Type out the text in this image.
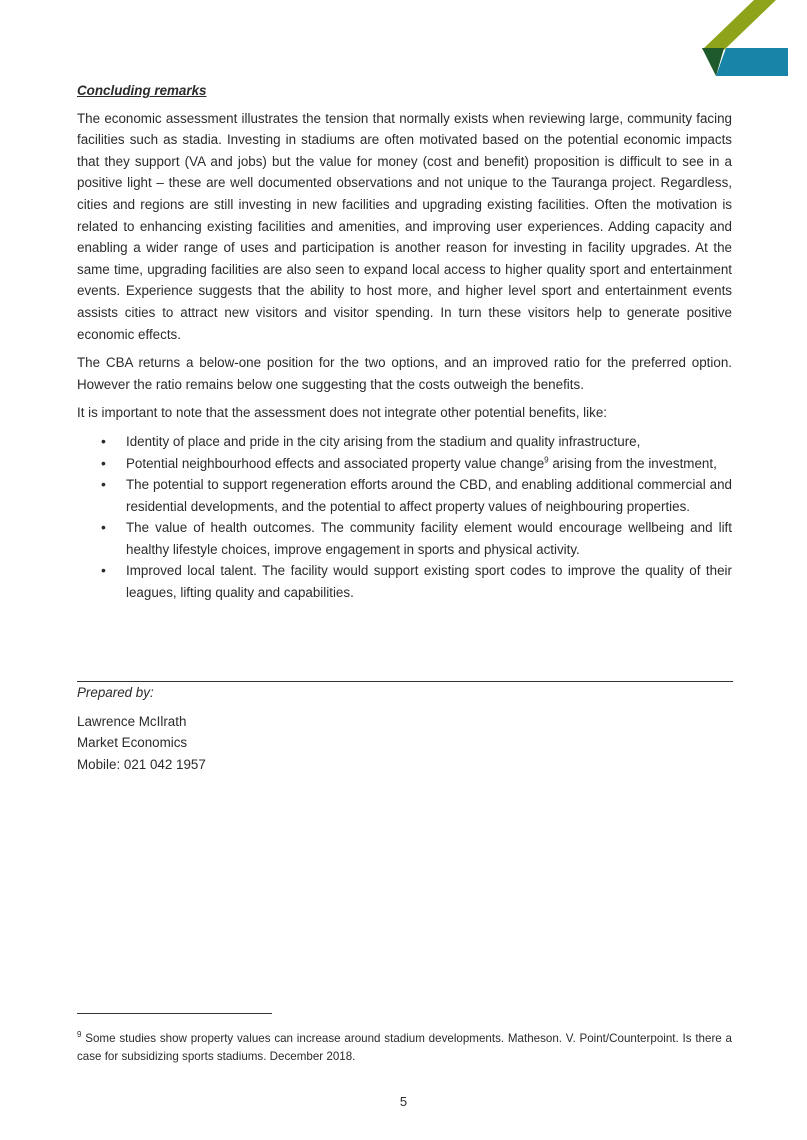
Concluding remarks

The economic assessment illustrates the tension that normally exists when reviewing large, community facing facilities such as stadia. Investing in stadiums are often motivated based on the potential economic impacts that they support (VA and jobs) but the value for money (cost and benefit) proposition is difficult to see in a positive light – these are well documented observations and not unique to the Tauranga project. Regardless, cities and regions are still investing in new facilities and upgrading existing facilities. Often the motivation is related to enhancing existing facilities and amenities, and improving user experiences. Adding capacity and enabling a wider range of uses and participation is another reason for investing in facility upgrades. At the same time, upgrading facilities are also seen to expand local access to higher quality sport and entertainment events. Experience suggests that the ability to host more, and higher level sport and entertainment events assists cities to attract new visitors and visitor spending. In turn these visitors help to generate positive economic effects.

The CBA returns a below-one position for the two options, and an improved ratio for the preferred option. However the ratio remains below one suggesting that the costs outweigh the benefits.

It is important to note that the assessment does not integrate other potential benefits, like:

• Identity of place and pride in the city arising from the stadium and quality infrastructure,
• Potential neighbourhood effects and associated property value change$^9$ arising from the investment,
• The potential to support regeneration efforts around the CBD, and enabling additional commercial and residential developments, and the potential to affect property values of neighbouring properties.
• The value of health outcomes. The community facility element would encourage wellbeing and lift healthy lifestyle choices, improve engagement in sports and physical activity.
• Improved local talent. The facility would support existing sport codes to improve the quality of their leagues, lifting quality and capabilities.
Prepared by:
Lawrence McIlrath
Market Economics
Mobile: 021 042 1957
$^9$ Some studies show property values can increase around stadium developments. Matheson. V. Point/Counterpoint. Is there a case for subsidizing sports stadiums. December 2018.
5
